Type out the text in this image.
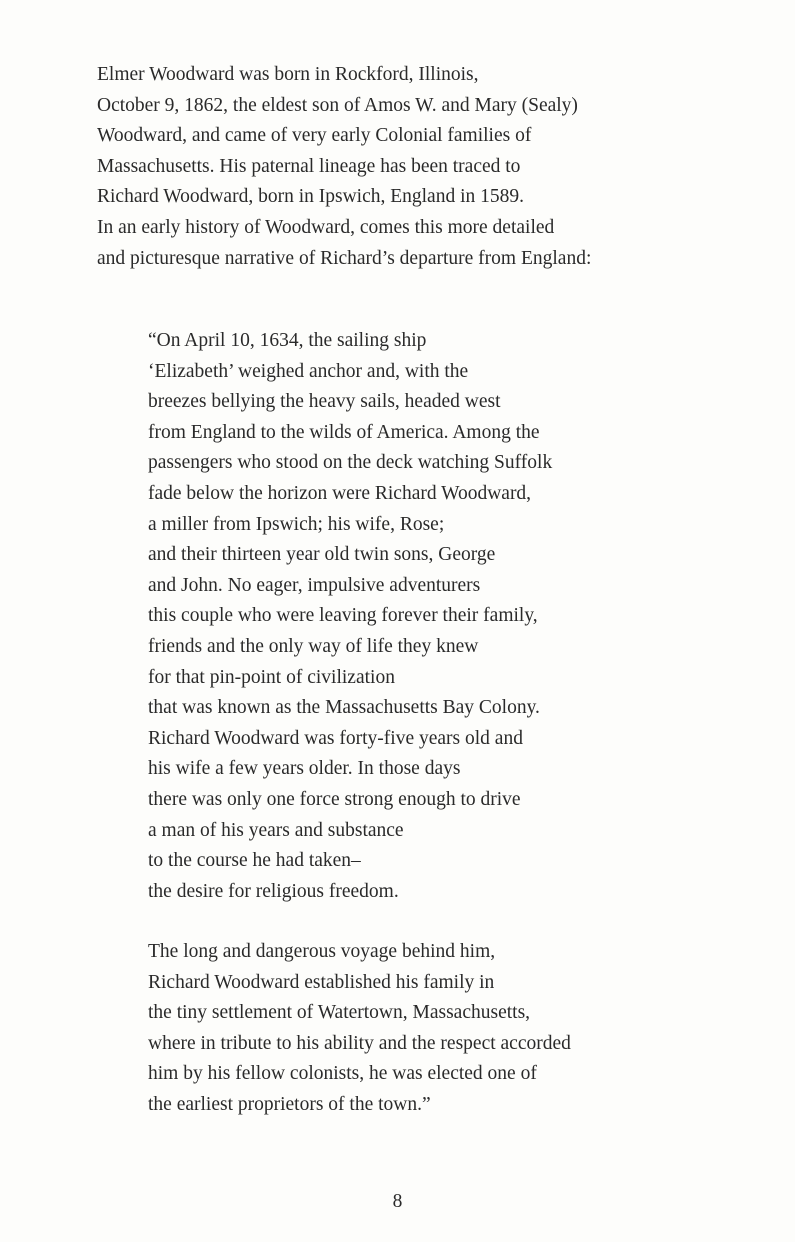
Elmer Woodward was born in Rockford, Illinois,
October 9, 1862, the eldest son of Amos W. and Mary (Sealy)
Woodward, and came of very early Colonial families of
Massachusetts. His paternal lineage has been traced to
Richard Woodward, born in Ipswich, England in 1589.
In an early history of Woodward, comes this more detailed
and picturesque narrative of Richard’s departure from England:
“On April 10, 1634, the sailing ship
‘Elizabeth’ weighed anchor and, with the
breezes bellying the heavy sails, headed west
from England to the wilds of America. Among the
passengers who stood on the deck watching Suffolk
fade below the horizon were Richard Woodward,
a miller from Ipswich; his wife, Rose;
and their thirteen year old twin sons, George
and John. No eager, impulsive adventurers
this couple who were leaving forever their family,
friends and the only way of life they knew
for that pin-point of civilization
that was known as the Massachusetts Bay Colony.
Richard Woodward was forty-five years old and
his wife a few years older. In those days
there was only one force strong enough to drive
a man of his years and substance
to the course he had taken–
the desire for religious freedom.
The long and dangerous voyage behind him,
Richard Woodward established his family in
the tiny settlement of Watertown, Massachusetts,
where in tribute to his ability and the respect accorded
him by his fellow colonists, he was elected one of
the earliest proprietors of the town.”
8
